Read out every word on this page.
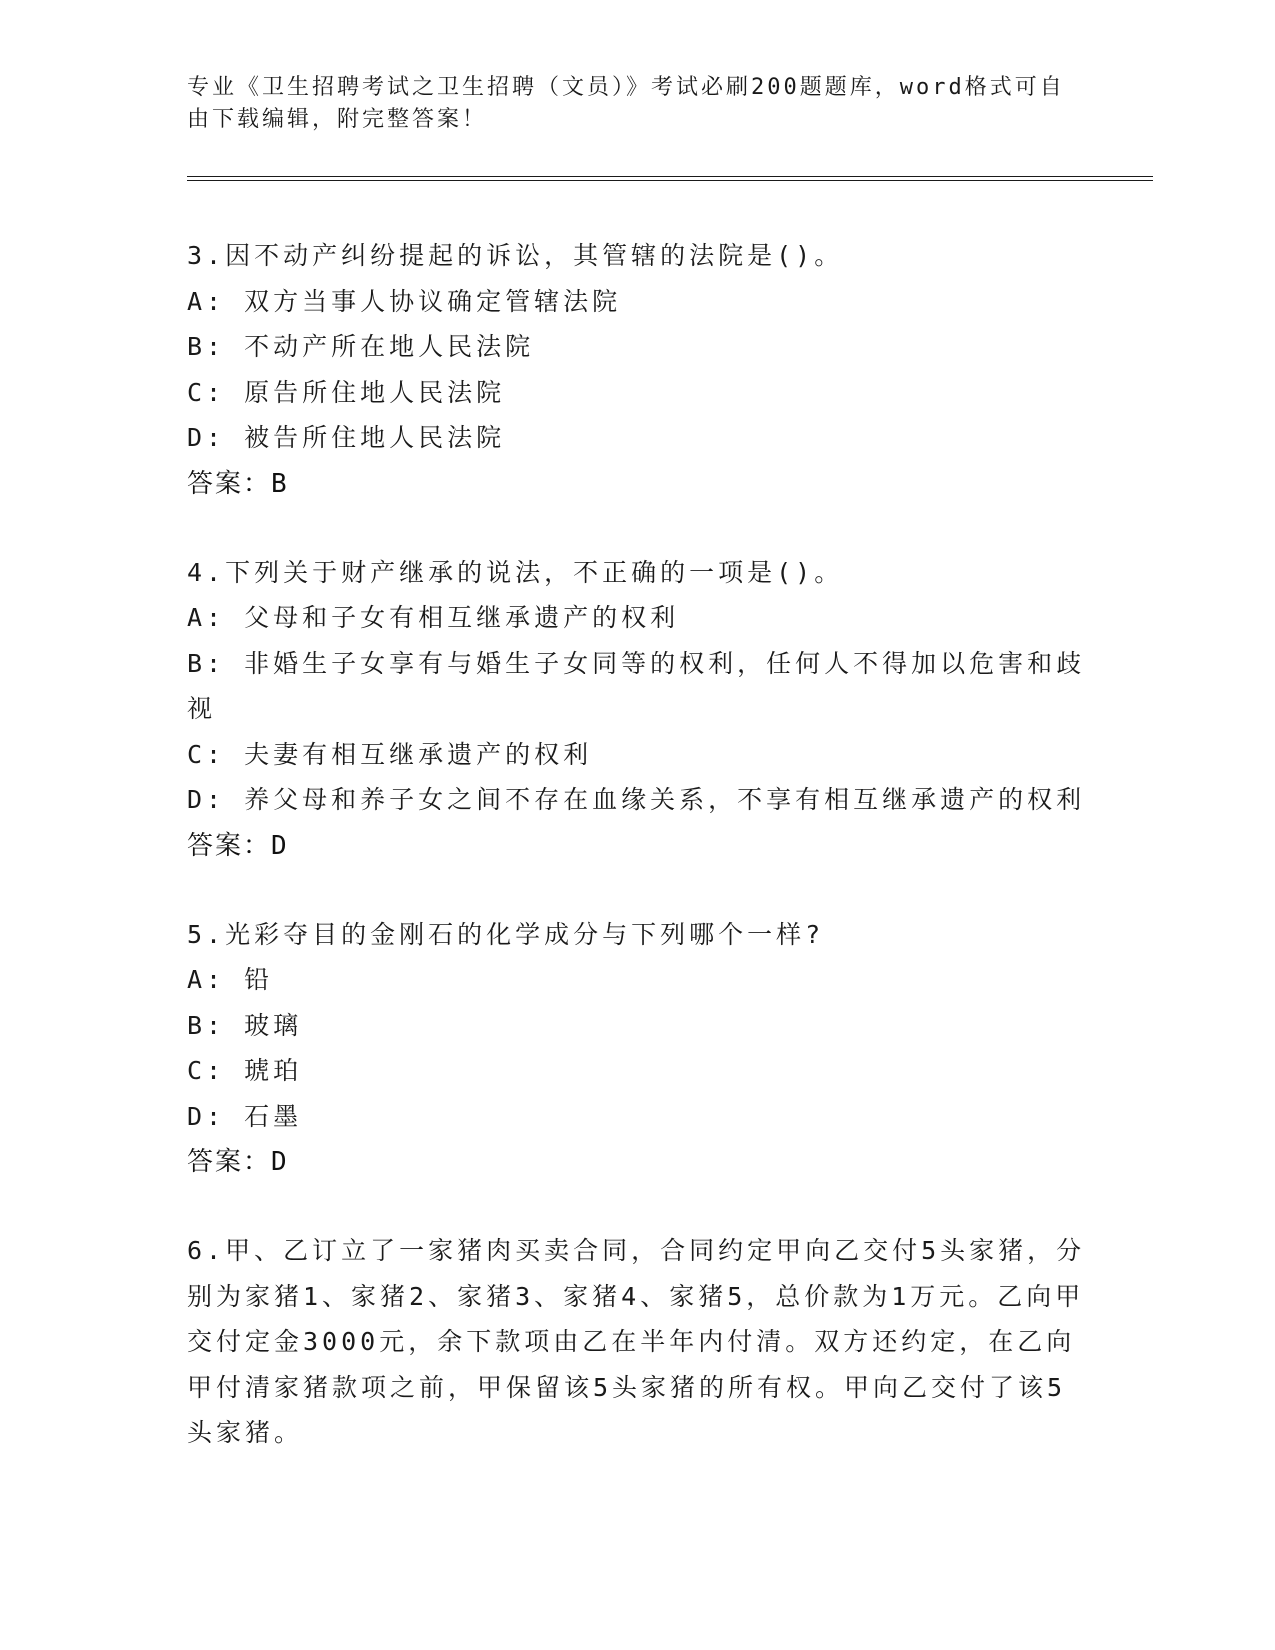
专业《卫生招聘考试之卫生招聘（文员）》考试必刷200题题库，word格式可自由下载编辑，附完整答案！
3.因不动产纠纷提起的诉讼，其管辖的法院是()。
A: 双方当事人协议确定管辖法院
B: 不动产所在地人民法院
C: 原告所住地人民法院
D: 被告所住地人民法院
答案：B
4.下列关于财产继承的说法，不正确的一项是()。
A: 父母和子女有相互继承遗产的权利
B: 非婚生子女享有与婚生子女同等的权利，任何人不得加以危害和歧视
C: 夫妻有相互继承遗产的权利
D: 养父母和养子女之间不存在血缘关系，不享有相互继承遗产的权利
答案：D
5.光彩夺目的金刚石的化学成分与下列哪个一样?
A: 铅
B: 玻璃
C: 琥珀
D: 石墨
答案：D
6.甲、乙订立了一家猪肉买卖合同，合同约定甲向乙交付5头家猪，分别为家猪1、家猪2、家猪3、家猪4、家猪5，总价款为1万元。乙向甲交付定金3000元，余下款项由乙在半年内付清。双方还约定，在乙向甲付清家猪款项之前，甲保留该5头家猪的所有权。甲向乙交付了该5头家猪。
